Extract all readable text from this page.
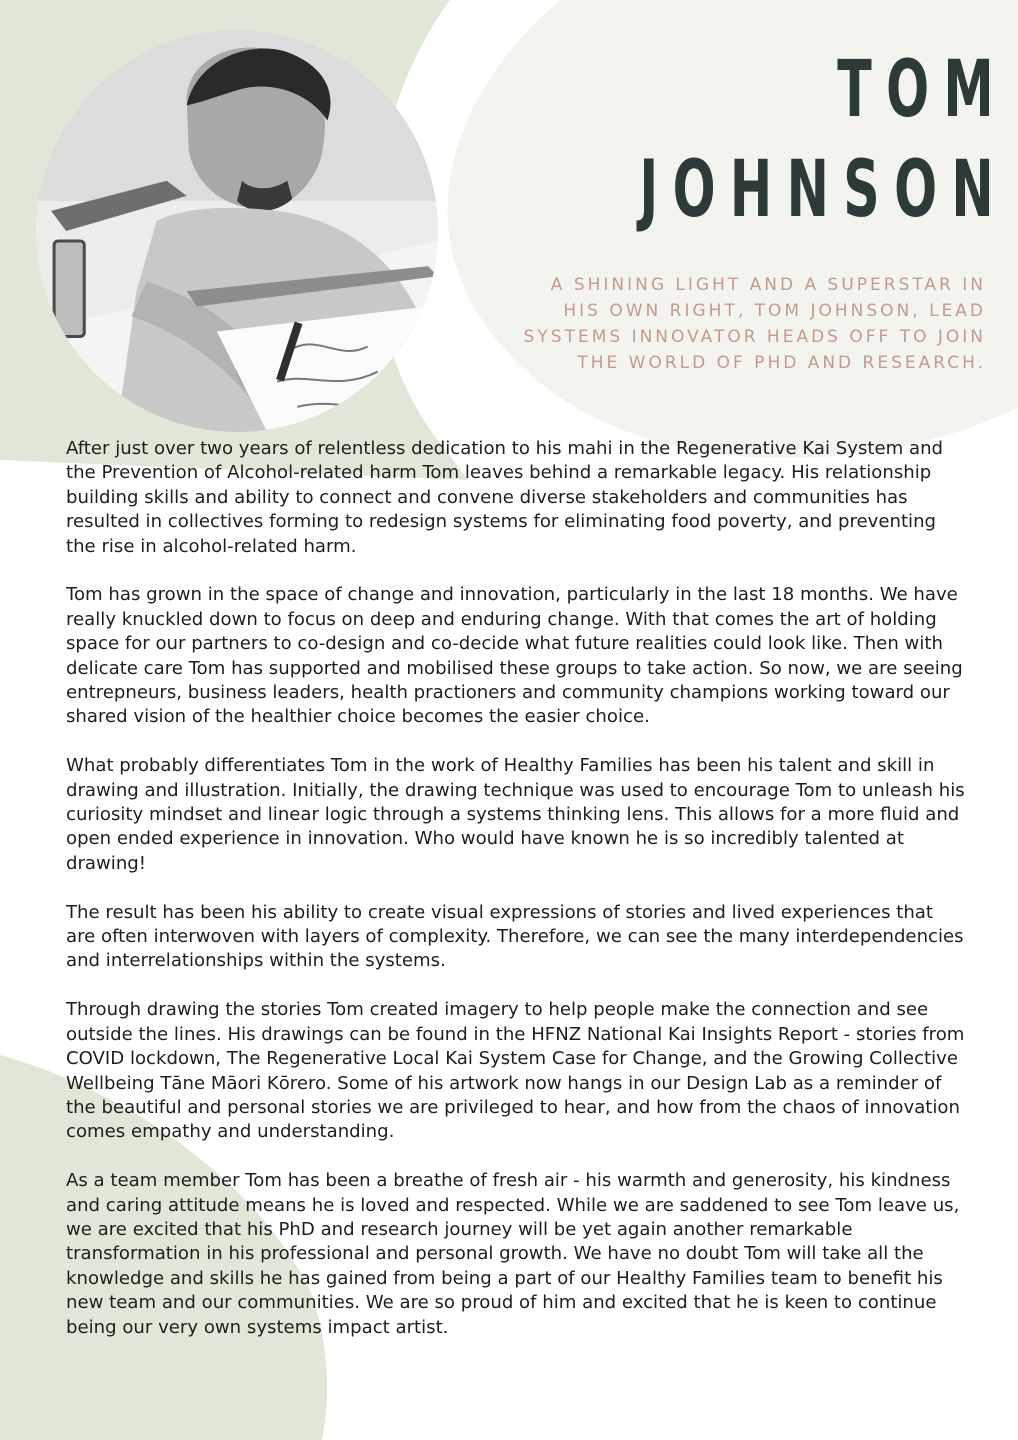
TOM
JOHNSON
A SHINING LIGHT AND A SUPERSTAR IN HIS OWN RIGHT, TOM JOHNSON, LEAD SYSTEMS INNOVATOR HEADS OFF TO JOIN THE WORLD OF PHD AND RESEARCH.

After just over two years of relentless dedication to his mahi in the Regenerative Kai System and the Prevention of Alcohol-related harm Tom leaves behind a remarkable legacy. His relationship building skills and ability to connect and convene diverse stakeholders and communities has resulted in collectives forming to redesign systems for eliminating food poverty, and preventing the rise in alcohol-related harm.

Tom has grown in the space of change and innovation, particularly in the last 18 months. We have really knuckled down to focus on deep and enduring change. With that comes the art of holding space for our partners to co-design and co-decide what future realities could look like. Then with delicate care Tom has supported and mobilised these groups to take action. So now, we are seeing entrepneurs, business leaders, health practioners and community champions working toward our shared vision of the healthier choice becomes the easier choice.

What probably differentiates Tom in the work of Healthy Families has been his talent and skill in drawing and illustration. Initially, the drawing technique was used to encourage Tom to unleash his curiosity mindset and linear logic through a systems thinking lens. This allows for a more fluid and open ended experience in innovation. Who would have known he is so incredibly talented at drawing!

The result has been his ability to create visual expressions of stories and lived experiences that are often interwoven with layers of complexity. Therefore, we can see the many interdependencies and interrelationships within the systems.

Through drawing the stories Tom created imagery to help people make the connection and see outside the lines. His drawings can be found in the HFNZ National Kai Insights Report - stories from COVID lockdown, The Regenerative Local Kai System Case for Change, and the Growing Collective Wellbeing Tāne Māori Kōrero. Some of his artwork now hangs in our Design Lab as a reminder of the beautiful and personal stories we are privileged to hear, and how from the chaos of innovation comes empathy and understanding.

As a team member Tom has been a breathe of fresh air - his warmth and generosity, his kindness and caring attitude means he is loved and respected. While we are saddened to see Tom leave us, we are excited that his PhD and research journey will be yet again another remarkable transformation in his professional and personal growth. We have no doubt Tom will take all the knowledge and skills he has gained from being a part of our Healthy Families team to benefit his new team and our communities. We are so proud of him and excited that he is keen to continue being our very own systems impact artist.
